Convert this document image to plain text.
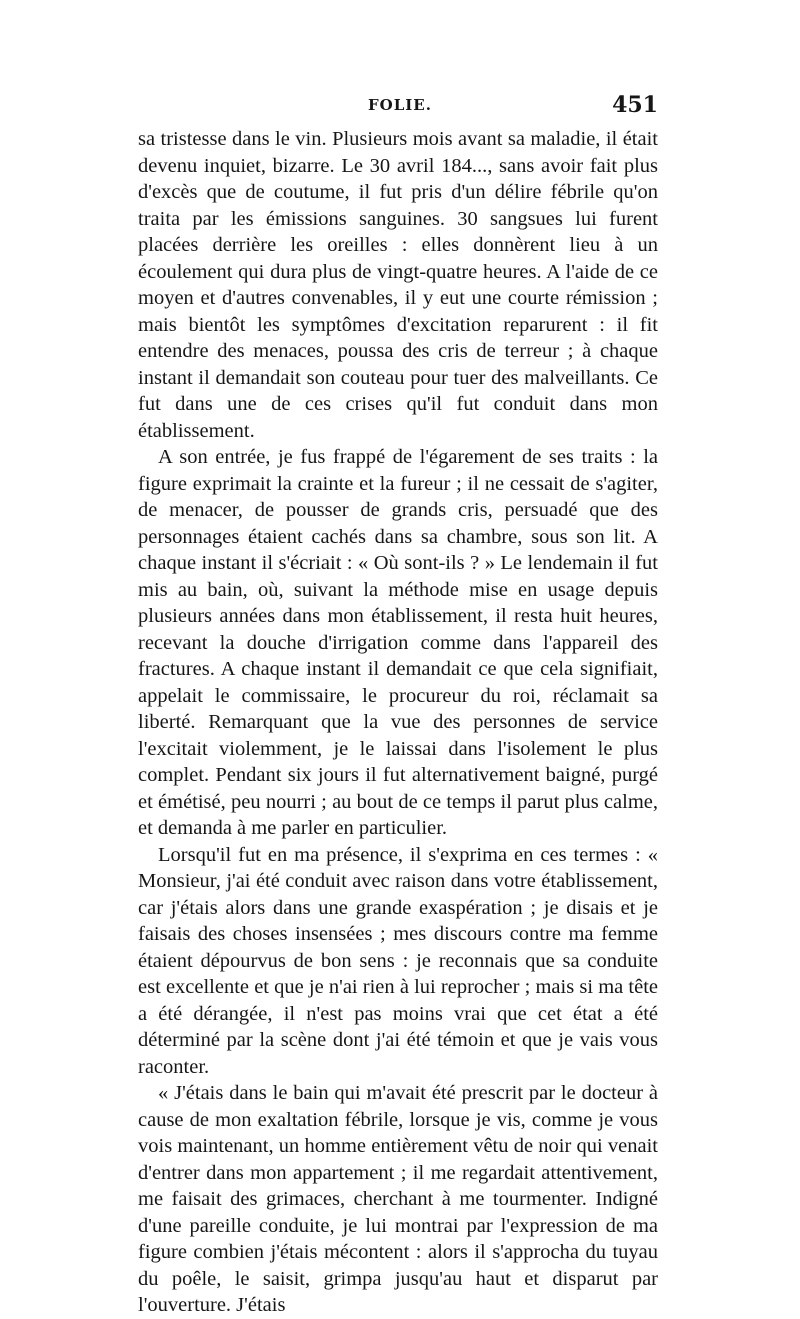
FOLIE.	451

sa tristesse dans le vin. Plusieurs mois avant sa maladie, il était devenu inquiet, bizarre. Le 30 avril 184..., sans avoir fait plus d'excès que de coutume, il fut pris d'un délire fébrile qu'on traita par les émissions sanguines. 30 sangsues lui furent placées derrière les oreilles : elles donnèrent lieu à un écoulement qui dura plus de vingt-quatre heures. A l'aide de ce moyen et d'autres convenables, il y eut une courte rémission ; mais bientôt les symptômes d'excitation reparurent : il fit entendre des menaces, poussa des cris de terreur ; à chaque instant il demandait son couteau pour tuer des malveillants. Ce fut dans une de ces crises qu'il fut conduit dans mon établissement.

A son entrée, je fus frappé de l'égarement de ses traits : la figure exprimait la crainte et la fureur ; il ne cessait de s'agiter, de menacer, de pousser de grands cris, persuadé que des personnages étaient cachés dans sa chambre, sous son lit. A chaque instant il s'écriait : « Où sont-ils ? » Le lendemain il fut mis au bain, où, suivant la méthode mise en usage depuis plusieurs années dans mon établissement, il resta huit heures, recevant la douche d'irrigation comme dans l'appareil des fractures. A chaque instant il demandait ce que cela signifiait, appelait le commissaire, le procureur du roi, réclamait sa liberté. Remarquant que la vue des personnes de service l'excitait violemment, je le laissai dans l'isolement le plus complet. Pendant six jours il fut alternativement baigné, purgé et émétisé, peu nourri ; au bout de ce temps il parut plus calme, et demanda à me parler en particulier.

Lorsqu'il fut en ma présence, il s'exprima en ces termes : « Monsieur, j'ai été conduit avec raison dans votre établissement, car j'étais alors dans une grande exaspération ; je disais et je faisais des choses insensées ; mes discours contre ma femme étaient dépourvus de bon sens : je reconnais que sa conduite est excellente et que je n'ai rien à lui reprocher ; mais si ma tête a été dérangée, il n'est pas moins vrai que cet état a été déterminé par la scène dont j'ai été témoin et que je vais vous raconter.

« J'étais dans le bain qui m'avait été prescrit par le docteur à cause de mon exaltation fébrile, lorsque je vis, comme je vous vois maintenant, un homme entièrement vêtu de noir qui venait d'entrer dans mon appartement ; il me regardait attentivement, me faisait des grimaces, cherchant à me tourmenter. Indigné d'une pareille conduite, je lui montrai par l'expression de ma figure combien j'étais mécontent : alors il s'approcha du tuyau du poêle, le saisit, grimpa jusqu'au haut et disparut par l'ouverture. J'étais
